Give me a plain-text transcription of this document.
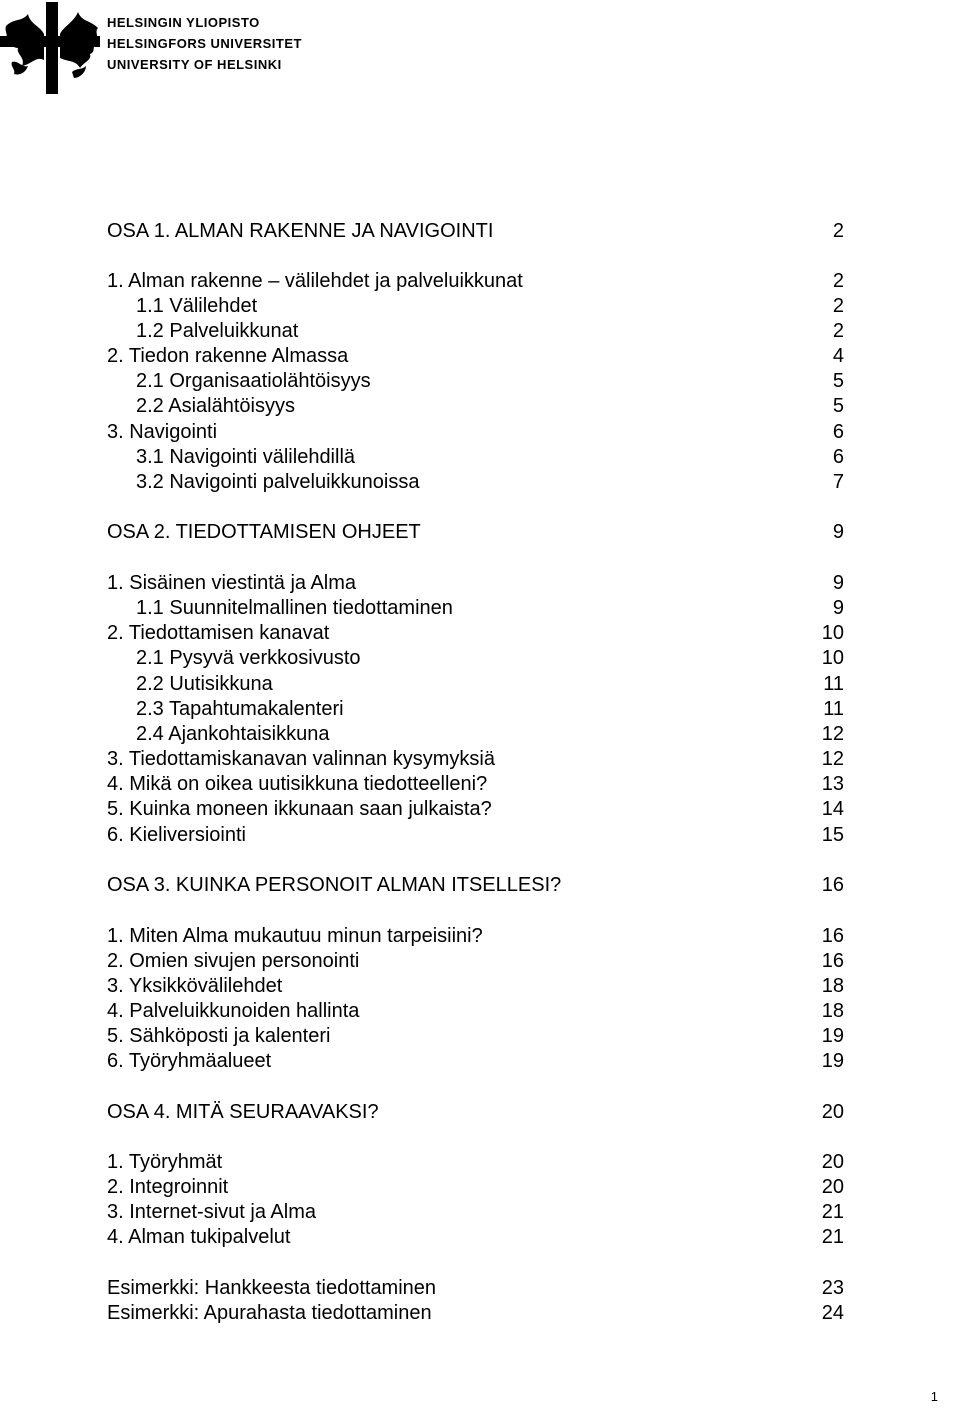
HELSINGIN YLIOPISTO
HELSINGFORS UNIVERSITET
UNIVERSITY OF HELSINKI
OSA 1. ALMAN RAKENNE JA NAVIGOINTI	2
1. Alman rakenne – välilehdet ja palveluikkunat	2
1.1 Välilehdet	2
1.2 Palveluikkunat	2
2. Tiedon rakenne Almassa	4
2.1 Organisaatiolähtöisyys	5
2.2 Asialähtöisyys	5
3. Navigointi	6
3.1 Navigointi välilehdillä	6
3.2 Navigointi palveluikkunoissa	7
OSA 2. TIEDOTTAMISEN OHJEET	9
1. Sisäinen viestintä ja Alma	9
1.1 Suunnitelmallinen tiedottaminen	9
2. Tiedottamisen kanavat	10
2.1 Pysyvä verkkosivusto	10
2.2 Uutisikkuna	11
2.3 Tapahtumakalenteri	11
2.4 Ajankohtaisikkuna	12
3. Tiedottamiskanavan valinnan kysymyksiä	12
4. Mikä on oikea uutisikkuna tiedotteelleni?	13
5. Kuinka moneen ikkunaan saan julkaista?	14
6. Kieliversiointi	15
OSA 3. KUINKA PERSONOIT ALMAN ITSELLESI?	16
1. Miten Alma mukautuu minun tarpeisiini?	16
2. Omien sivujen personointi	16
3. Yksikkövälilehdet	18
4. Palveluikkunoiden hallinta	18
5. Sähköposti ja kalenteri	19
6. Työryhmäalueet	19
OSA 4. MITÄ SEURAAVAKSI?	20
1. Työryhmät	20
2. Integroinnit	20
3. Internet-sivut ja Alma	21
4. Alman tukipalvelut	21
Esimerkki: Hankkeesta tiedottaminen	23
Esimerkki: Apurahasta tiedottaminen	24
1
